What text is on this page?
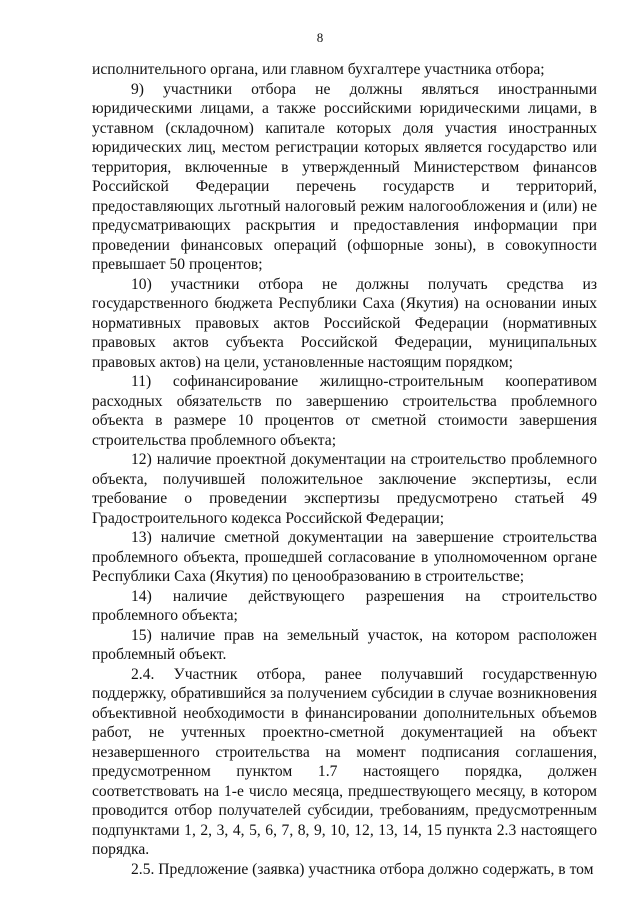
8

исполнительного органа, или главном бухгалтере участника отбора;

9) участники отбора не должны являться иностранными юридическими лицами, а также российскими юридическими лицами, в уставном (складочном) капитале которых доля участия иностранных юридических лиц, местом регистрации которых является государство или территория, включенные в утвержденный Министерством финансов Российской Федерации перечень государств и территорий, предоставляющих льготный налоговый режим налогообложения и (или) не предусматривающих раскрытия и предоставления информации при проведении финансовых операций (офшорные зоны), в совокупности превышает 50 процентов;

10) участники отбора не должны получать средства из государственного бюджета Республики Саха (Якутия) на основании иных нормативных правовых актов Российской Федерации (нормативных правовых актов субъекта Российской Федерации, муниципальных правовых актов) на цели, установленные настоящим порядком;

11) софинансирование жилищно-строительным кооперативом расходных обязательств по завершению строительства проблемного объекта в размере 10 процентов от сметной стоимости завершения строительства проблемного объекта;

12) наличие проектной документации на строительство проблемного объекта, получившей положительное заключение экспертизы, если требование о проведении экспертизы предусмотрено статьей 49 Градостроительного кодекса Российской Федерации;

13) наличие сметной документации на завершение строительства проблемного объекта, прошедшей согласование в уполномоченном органе Республики Саха (Якутия) по ценообразованию в строительстве;

14) наличие действующего разрешения на строительство проблемного объекта;

15) наличие прав на земельный участок, на котором расположен проблемный объект.

2.4. Участник отбора, ранее получавший государственную поддержку, обратившийся за получением субсидии в случае возникновения объективной необходимости в финансировании дополнительных объемов работ, не учтенных проектно-сметной документацией на объект незавершенного строительства на момент подписания соглашения, предусмотренном пунктом 1.7 настоящего порядка, должен соответствовать на 1-е число месяца, предшествующего месяцу, в котором проводится отбор получателей субсидии, требованиям, предусмотренным подпунктами 1, 2, 3, 4, 5, 6, 7, 8, 9, 10, 12, 13, 14, 15 пункта 2.3 настоящего порядка.

2.5. Предложение (заявка) участника отбора должно содержать, в том
